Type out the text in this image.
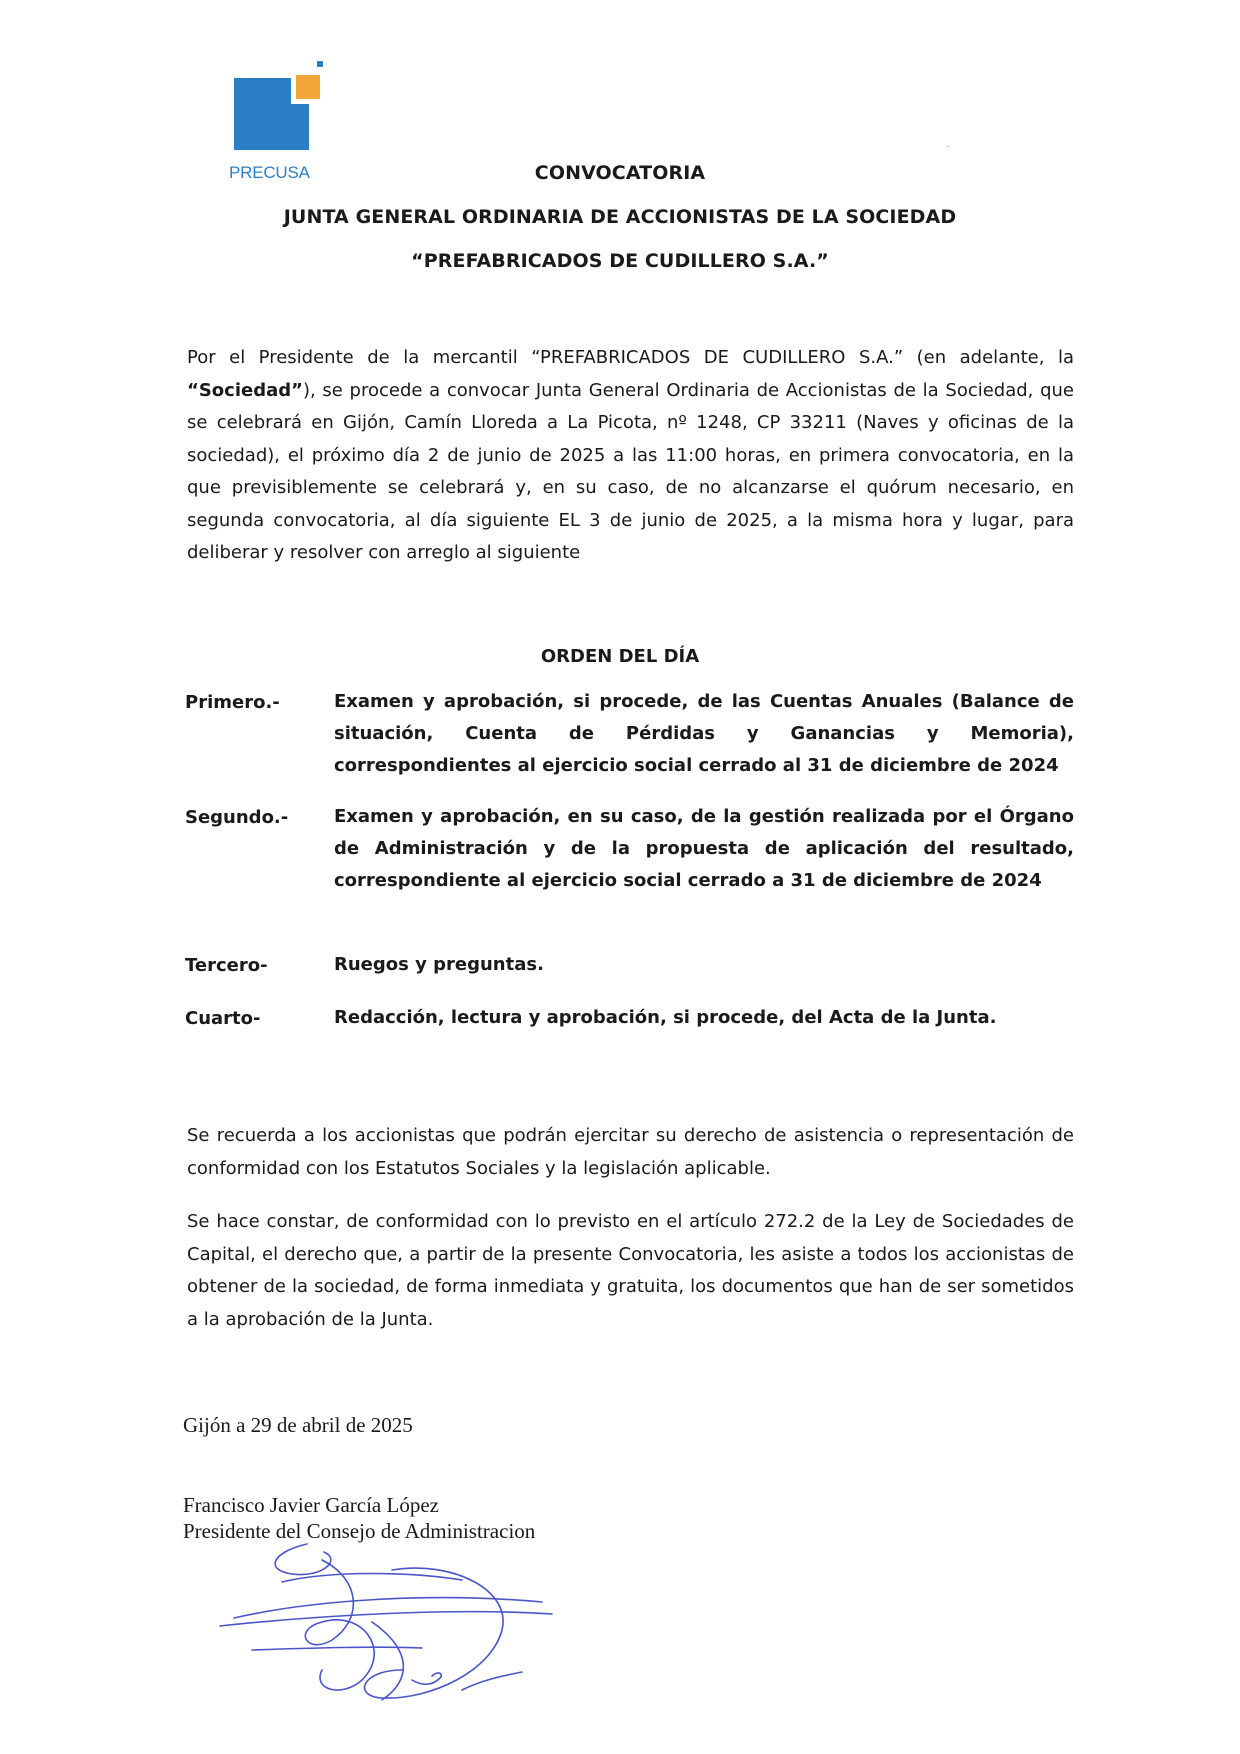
PRECUSA	CONVOCATORIA
JUNTA GENERAL ORDINARIA DE ACCIONISTAS DE LA SOCIEDAD
“PREFABRICADOS DE CUDILLERO S.A.”
Por el Presidente de la mercantil “PREFABRICADOS DE CUDILLERO S.A.” (en adelante, la “Sociedad”), se procede a convocar Junta General Ordinaria de Accionistas de la Sociedad, que se celebrará en Gijón, Camín Lloreda a La Picota, nº 1248, CP 33211 (Naves y oficinas de la sociedad), el próximo día 2 de junio de 2025 a las 11:00 horas, en primera convocatoria, en la que previsiblemente se celebrará y, en su caso, de no alcanzarse el quórum necesario, en segunda convocatoria, al día siguiente EL 3 de junio de 2025, a la misma hora y lugar, para deliberar y resolver con arreglo al siguiente
ORDEN DEL DÍA
Primero.-	Examen y aprobación, si procede, de las Cuentas Anuales (Balance de situación, Cuenta de Pérdidas y Ganancias y Memoria), correspondientes al ejercicio social cerrado al 31 de diciembre de 2024
Segundo.-	Examen y aprobación, en su caso, de la gestión realizada por el Órgano de Administración y de la propuesta de aplicación del resultado, correspondiente al ejercicio social cerrado a 31 de diciembre de 2024
Tercero-	Ruegos y preguntas.
Cuarto-	Redacción, lectura y aprobación, si procede, del Acta de la Junta.
Se recuerda a los accionistas que podrán ejercitar su derecho de asistencia o representación de conformidad con los Estatutos Sociales y la legislación aplicable.
Se hace constar, de conformidad con lo previsto en el artículo 272.2 de la Ley de Sociedades de Capital, el derecho que, a partir de la presente Convocatoria, les asiste a todos los accionistas de obtener de la sociedad, de forma inmediata y gratuita, los documentos que han de ser sometidos a la aprobación de la Junta.
Gijón a 29 de abril de 2025
Francisco Javier García López
Presidente del Consejo de Administracion
